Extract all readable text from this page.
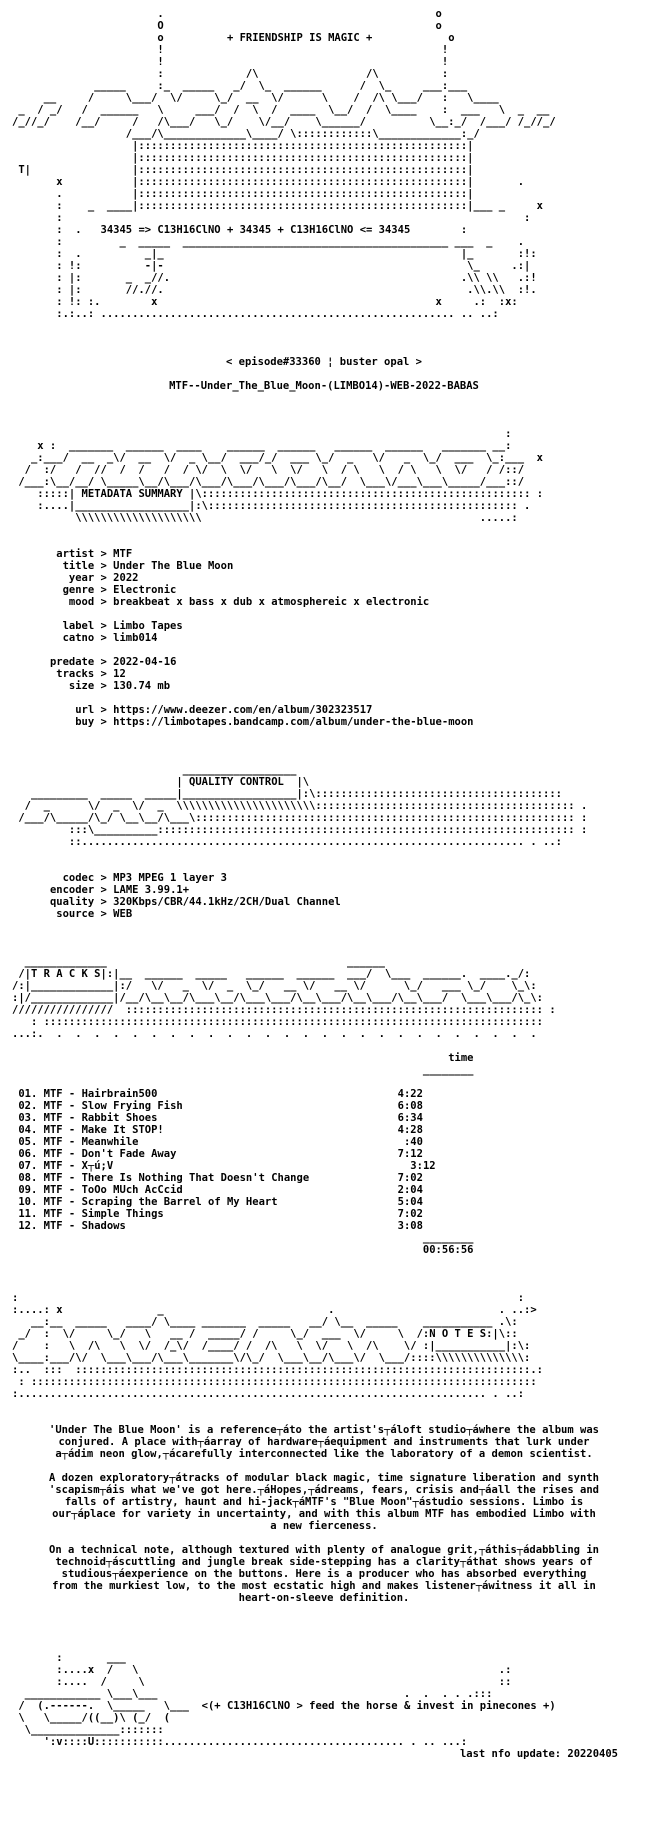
.                                           o
O                                           o
o	+ FRIENDSHIP IS MAGIC +	o
!                                            !
!                                            !
:             /\                 /\          :
_____     :_  _____   _/  \_  ______      /  \_     ___:___
__     /     \___/  \/     \_/  __  \/      \    /  /\ \___/   :   \____
_  / _/   /  ______   \     ___/  /  \  /  ____  \__/  /  \____    :  ___   \  _  __
/_//_/    /__/     /   /\___/   \_/    \/__/    \______/          \__:_/  /___/ /_//_/
/___/\_____________\____/ \::::::::::::\_____________:_/
|::::::::::::::::::::::::::::::::::::::::::::::::::::|
|::::::::::::::::::::::::::::::::::::::::::::::::::::|
T|                |::::::::::::::::::::::::::::::::::::::::::::::::::::|
x           |::::::::::::::::::::::::::::::::::::::::::::::::::::|       .
.           |::::::::::::::::::::::::::::::::::::::::::::::::::::|
:    _  ____|::::::::::::::::::::::::::::::::::::::::::::::::::::|___ _     x
:                                                                         :
:  .   34345 => C13H16ClNO + 34345 + C13H16ClNO <= 34345	:
:         _  _____  __________________________________________ ___  _    .
:  .          _|_                                               |_       :!:
: !:          -|-                                                \_     .:|
: |:       _  _//.                                              .\\ \\   .:!
: |:       //.//.                                                .\\.\\  :!.
: !: :.        x                                            x     .:  :x:
:.:..: ........................................................ .. ..:
< episode#33360 ¦ buster opal >
MTF--Under_The_Blue_Moon-(LIMBO14)-WEB-2022-BABAS
:
x :  _______  ______  ____    ______  ______   ______  ______   _______ __:
_:___/  __  _\/  __  \/  _ \__/  ___/_/  ___ \_/  _   \/   _  \_/  ___  \_:___  x
/  :/   /  //  /  /   /  / \/  \  \/   \  \/   \  / \   \  / \   \  \/   / /::/
/___:\__/__/ \_____\__/\___/\___/\___/\___/\___/\__/  \___\/___\___\_____/___::/
:::::| METADATA SUMMARY |\:::::::::::::::::::::::::::::::::::::::::::::::::::: :
:....|__________________|:\::::::::::::::::::::::::::::::::::::::::::::::::: .
\\\\\\\\\\\\\\\\\\\\                                            .....:
artist > MTF
title > Under The Blue Moon
year > 2022
genre > Electronic
mood > breakbeat x bass x dub x atmosphereic x electronic

label > Limbo Tapes
catno > limb014

predate > 2022-04-16
tracks > 12
size > 130.74 mb

url > https://www.deezer.com/en/album/302323517
buy > https://limbotapes.bandcamp.com/album/under-the-blue-moon
__________________
| QUALITY CONTROL  |\
_________  _____  _____|__________________|:\:::::::::::::::::::::::::::::::::::::::
/  _      \/  _  \/  _  \\\\\\\\\\\\\\\\\\\\\\::::::::::::::::::::::::::::::::::::::::: .
/___/\_____/\_/ \__\__/\___\:::::::::::::::::::::::::::::::::::::::::::::::::::::::::::: :
:::\__________:::::::::::::::::::::::::::::::::::::::::::::::::::::::::::::::::: :
::...................................................................... . ..:
codec > MP3 MPEG 1 layer 3
encoder > LAME 3.99.1+
quality > 320Kbps/CBR/44.1kHz/2CH/Dual Channel
source > WEB
_____________                                      ______
/|T R A C K S|:|__  ______  _____   ______  ______  ___/  \___  ______.  ____._/:
/:|_____________|:/   \/   _  \/  _  \_/   __ \/   __ \/      \_/   ___ \_/    \_\:
:|/_____________|/__/\__\__/\___\__/\___\___/\__\___/\__\___/\__\___/  \___\___/\_\:
////////////////  :::::::::::::::::::::::::::::::::::::::::::::::::::::::::::::::::: :
: :::::::::::::::::::::::::::::::::::::::::::::::::::::::::::::::::::::::::::::::
...:.  .  .  .  .  .  .  .  .  .  .  .  .  .  .  .  .  .  .  .  .  .  .  .  .  .  .
time
________

01. MTF - Hairbrain500	4:22
02. MTF - Slow Frying Fish	6:08
03. MTF - Rabbit Shoes	6:34
04. MTF - Make It STOP!	4:28
05. MTF - Meanwhile	:40
06. MTF - Don't Fade Away	7:12
07. MTF - X┬ú;V	3:12
08. MTF - There Is Nothing That Doesn't Change	7:02
09. MTF - ToOo MUch AcCcid	2:04
10. MTF - Scraping the Barrel of My Heart	5:04
11. MTF - Simple Things	7:02
12. MTF - Shadows	3:08
________
00:56:56
:                                                                               :
:....: x               _                          .                          . ..:>
__:__  _____   ____/ \____ _______  _____   __/ \__  _____    ___________ .\:
_/  :  \/     \_/   \   __ /  _____/ /     \_/  ___  \/     \  /:N O T E S:|\::
/    :   \  /\   \  \/  /_\/  /____/ /  /\   \  \/   \  /\    \/ :|___________|:\:
\____:___/\/  \___\___/\___\_______\/\_/  \___\__/\___\/  \___/::::\\\\\\\\\\\\\\:
:..  :::  ::::::::::::::::::::::::::::::::::::::::::::::::::::::::::::::::::::::::.:
: ::::::::::::::::::::::::::::::::::::::::::::::::::::::::::::::::::::::::::::::::
:.......................................................................... . ..:

'Under The Blue Moon' is a reference┬áto the artist's┬áloft studio┬áwhere the album was conjured. A place with┬áarray of hardware┬áequipment and instruments that lurk under a┬ádim neon glow,┬ácarefully interconnected like the laboratory of a demon scientist.

A dozen exploratory┬átracks of modular black magic, time signature liberation and synth 'scapism┬áis what we've got here.┬áHopes,┬ádreams, fears, crisis and┬áall the rises and falls of artistry, haunt and hi-jack┬áMTF's "Blue Moon"┬ástudio sessions. Limbo is our┬áplace for variety in uncertainty, and with this album MTF has embodied Limbo with a new fierceness.

On a technical note, although textured with plenty of analogue grit,┬áthis┬ádabbling in technoid┬áscuttling and jungle break side-stepping has a clarity┬áthat shows years of studious┬áexperience on the buttons. Here is a producer who has absorbed everything from the murkiest low, to the most ecstatic high and makes listener┬áwitness it all in heart-on-sleeve definition.

:       ___
:....x  /   \                                                         .:
:....  /     \                                                        ::
____________ \___\___                                       .  .  . . .:::
/  (.------.  \_____   \___  <(+ C13H16ClNO > feed the horse & invest in pinecones +)
\   \_____/((__)\ (_/  (
\______________:::::::
':v::::U:::::::::::...................................... . .. ...:
last nfo update: 20220405
